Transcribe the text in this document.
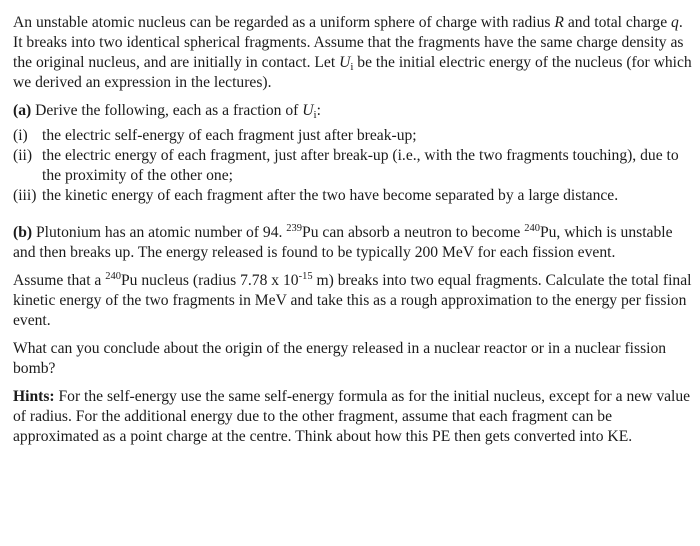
An unstable atomic nucleus can be regarded as a uniform sphere of charge with radius R and total charge q. It breaks into two identical spherical fragments. Assume that the fragments have the same charge density as the original nucleus, and are initially in contact. Let $U_i$ be the initial electric energy of the nucleus (for which we derived an expression in the lectures).

(a) Derive the following, each as a fraction of $U_i$:

(i) the electric self-energy of each fragment just after break-up;
(ii) the electric energy of each fragment, just after break-up (i.e., with the two fragments touching), due to the proximity of the other one;
(iii) the kinetic energy of each fragment after the two have become separated by a large distance.

(b) Plutonium has an atomic number of 94. $^{239}$Pu can absorb a neutron to become $^{240}$Pu, which is unstable and then breaks up. The energy released is found to be typically 200 MeV for each fission event.

Assume that a $^{240}$Pu nucleus (radius 7.78 x $10^{-15}$ m) breaks into two equal fragments. Calculate the total final kinetic energy of the two fragments in MeV and take this as a rough approximation to the energy per fission event.

What can you conclude about the origin of the energy released in a nuclear reactor or in a nuclear fission bomb?

Hints: For the self-energy use the same self-energy formula as for the initial nucleus, except for a new value of radius. For the additional energy due to the other fragment, assume that each fragment can be approximated as a point charge at the centre. Think about how this PE then gets converted into KE.
